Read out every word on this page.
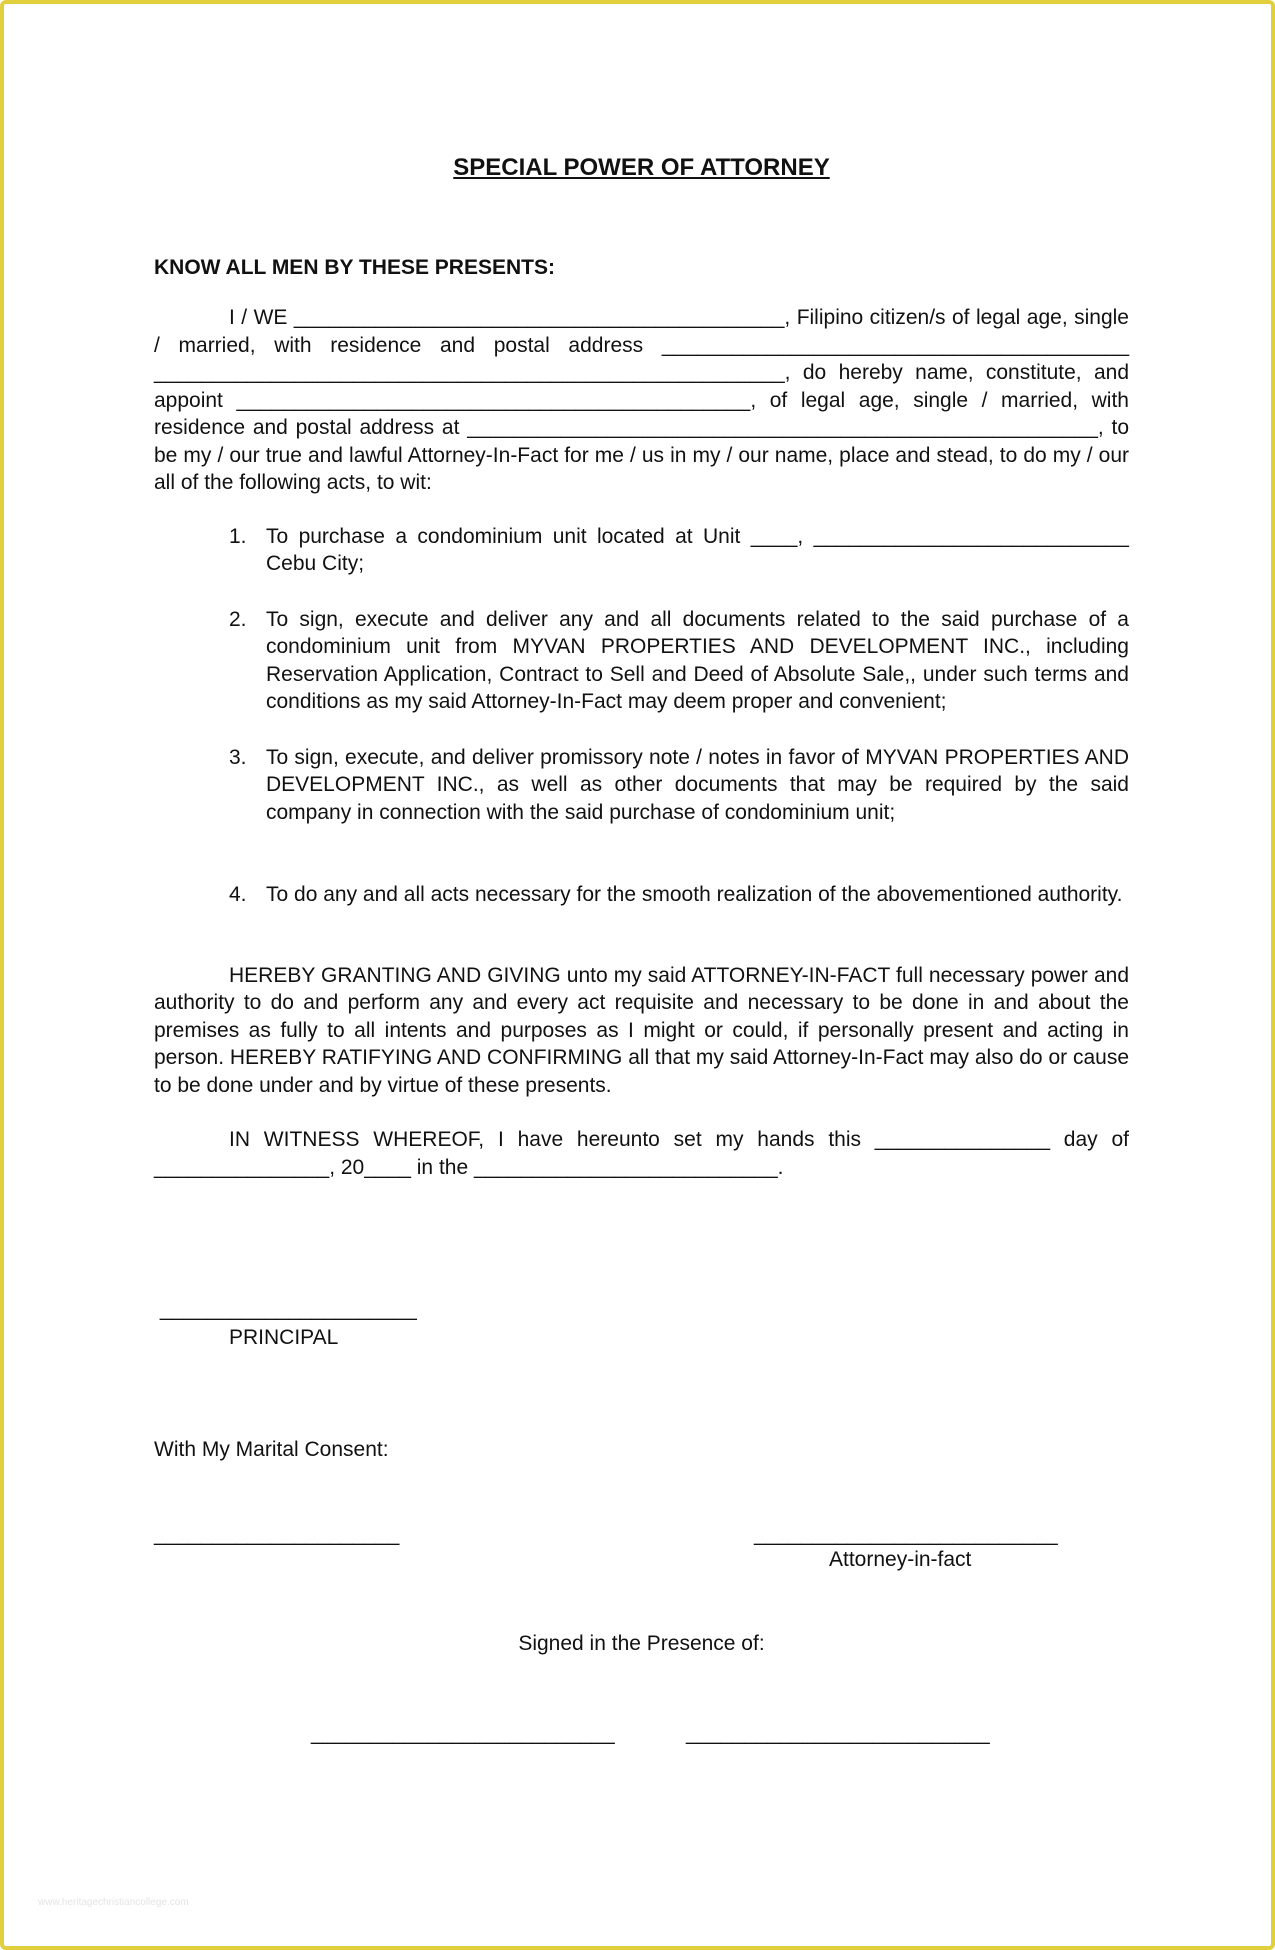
SPECIAL POWER OF ATTORNEY
KNOW ALL MEN BY THESE PRESENTS:

I / WE __________________________________________, Filipino citizen/s of legal age, single / married, with residence and postal address ________________________________________ ______________________________________________________, do hereby name, constitute, and appoint ____________________________________________, of legal age, single / married, with residence and postal address at ______________________________________________________, to be my / our true and lawful Attorney-In-Fact for me / us in my / our name, place and stead, to do my / our all of the following acts, to wit:

1. To purchase a condominium unit located at Unit ____, ___________________________ Cebu City;
2. To sign, execute and deliver any and all documents related to the said purchase of a condominium unit from MYVAN PROPERTIES AND DEVELOPMENT INC., including Reservation Application, Contract to Sell and Deed of Absolute Sale,, under such terms and conditions as my said Attorney-In-Fact may deem proper and convenient;
3. To sign, execute, and deliver promissory note / notes in favor of MYVAN PROPERTIES AND DEVELOPMENT INC., as well as other documents that may be required by the said company in connection with the said purchase of condominium unit;
4. To do any and all acts necessary for the smooth realization of the abovementioned authority.

HEREBY GRANTING AND GIVING unto my said ATTORNEY-IN-FACT full necessary power and authority to do and perform any and every act requisite and necessary to be done in and about the premises as fully to all intents and purposes as I might or could, if personally present and acting in person. HEREBY RATIFYING AND CONFIRMING all that my said Attorney-In-Fact may also do or cause to be done under and by virtue of these presents.

IN WITNESS WHEREOF, I have hereunto set my hands this _______________ day of _______________, 20____ in the __________________________.

______________________
PRINCIPAL
With My Marital Consent:
_____________________	__________________________
Attorney-in-fact
Signed in the Presence of:
__________________________	__________________________
www.heritagechristiancollege.com
